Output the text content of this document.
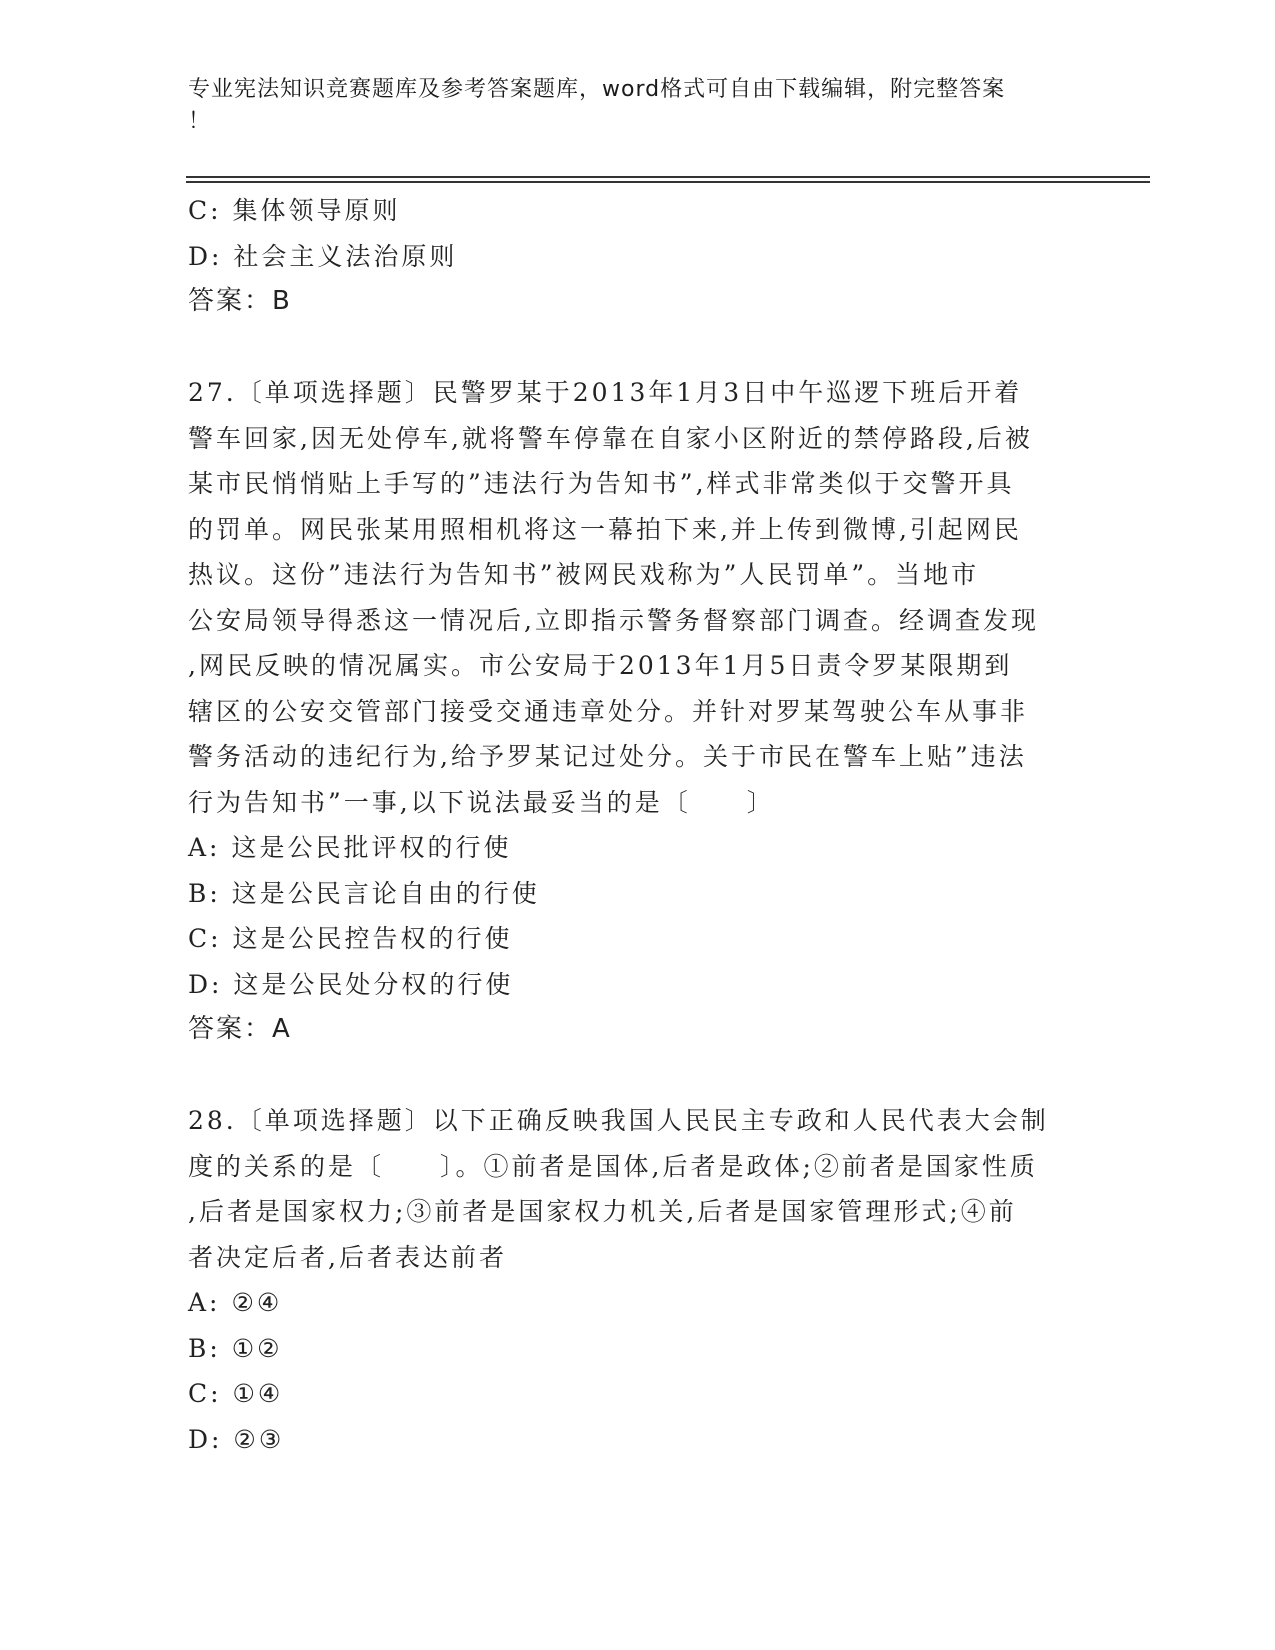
专业宪法知识竞赛题库及参考答案题库，word格式可自由下载编辑，附完整答案
！
C: 集体领导原则
D: 社会主义法治原则
答案：B
27.〔单项选择题〕民警罗某于2013年1月3日中午巡逻下班后开着
警车回家,因无处停车,就将警车停靠在自家小区附近的禁停路段,后被
某市民悄悄贴上手写的”违法行为告知书”,样式非常类似于交警开具
的罚单。网民张某用照相机将这一幕拍下来,并上传到微博,引起网民
热议。这份”违法行为告知书”被网民戏称为”人民罚单”。当地市
公安局领导得悉这一情况后,立即指示警务督察部门调查。经调查发现
,网民反映的情况属实。市公安局于2013年1月5日责令罗某限期到
辖区的公安交管部门接受交通违章处分。并针对罗某驾驶公车从事非
警务活动的违纪行为,给予罗某记过处分。关于市民在警车上贴”违法
行为告知书”一事,以下说法最妥当的是〔　　〕
A: 这是公民批评权的行使
B: 这是公民言论自由的行使
C: 这是公民控告权的行使
D: 这是公民处分权的行使
答案：A
28.〔单项选择题〕以下正确反映我国人民民主专政和人民代表大会制
度的关系的是〔　　〕。①前者是国体,后者是政体;②前者是国家性质
,后者是国家权力;③前者是国家权力机关,后者是国家管理形式;④前
者决定后者,后者表达前者
A: ②④
B: ①②
C: ①④
D: ②③
